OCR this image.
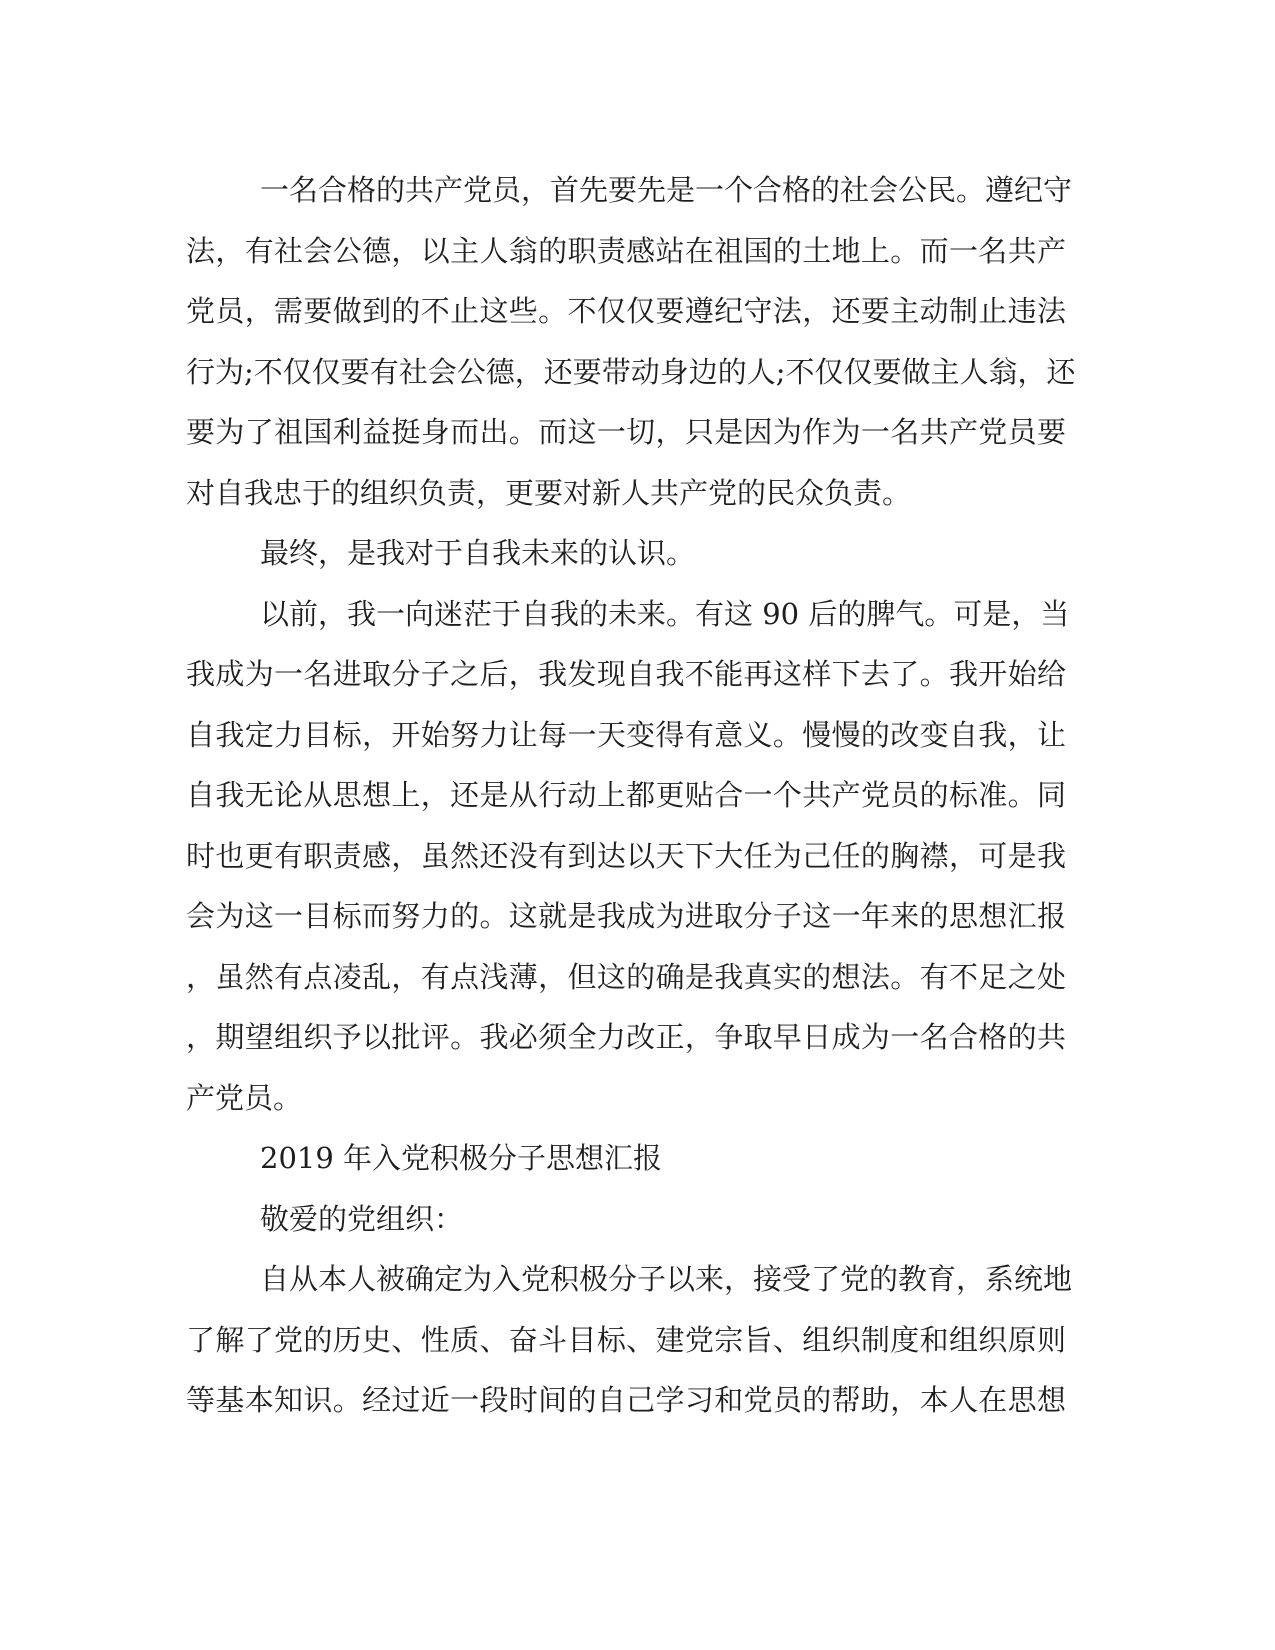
一名合格的共产党员，首先要先是一个合格的社会公民。遵纪守
法，有社会公德，以主人翁的职责感站在祖国的土地上。而一名共产
党员，需要做到的不止这些。不仅仅要遵纪守法，还要主动制止违法
行为;不仅仅要有社会公德，还要带动身边的人;不仅仅要做主人翁，还
要为了祖国利益挺身而出。而这一切，只是因为作为一名共产党员要
对自我忠于的组织负责，更要对新人共产党的民众负责。
最终，是我对于自我未来的认识。
以前，我一向迷茫于自我的未来。有这 90 后的脾气。可是，当
我成为一名进取分子之后，我发现自我不能再这样下去了。我开始给
自我定力目标，开始努力让每一天变得有意义。慢慢的改变自我，让
自我无论从思想上，还是从行动上都更贴合一个共产党员的标准。同
时也更有职责感，虽然还没有到达以天下大任为己任的胸襟，可是我
会为这一目标而努力的。这就是我成为进取分子这一年来的思想汇报
，虽然有点凌乱，有点浅薄，但这的确是我真实的想法。有不足之处
，期望组织予以批评。我必须全力改正，争取早日成为一名合格的共
产党员。
2019 年入党积极分子思想汇报
敬爱的党组织：
自从本人被确定为入党积极分子以来，接受了党的教育，系统地
了解了党的历史、性质、奋斗目标、建党宗旨、组织制度和组织原则
等基本知识。经过近一段时间的自己学习和党员的帮助，本人在思想
